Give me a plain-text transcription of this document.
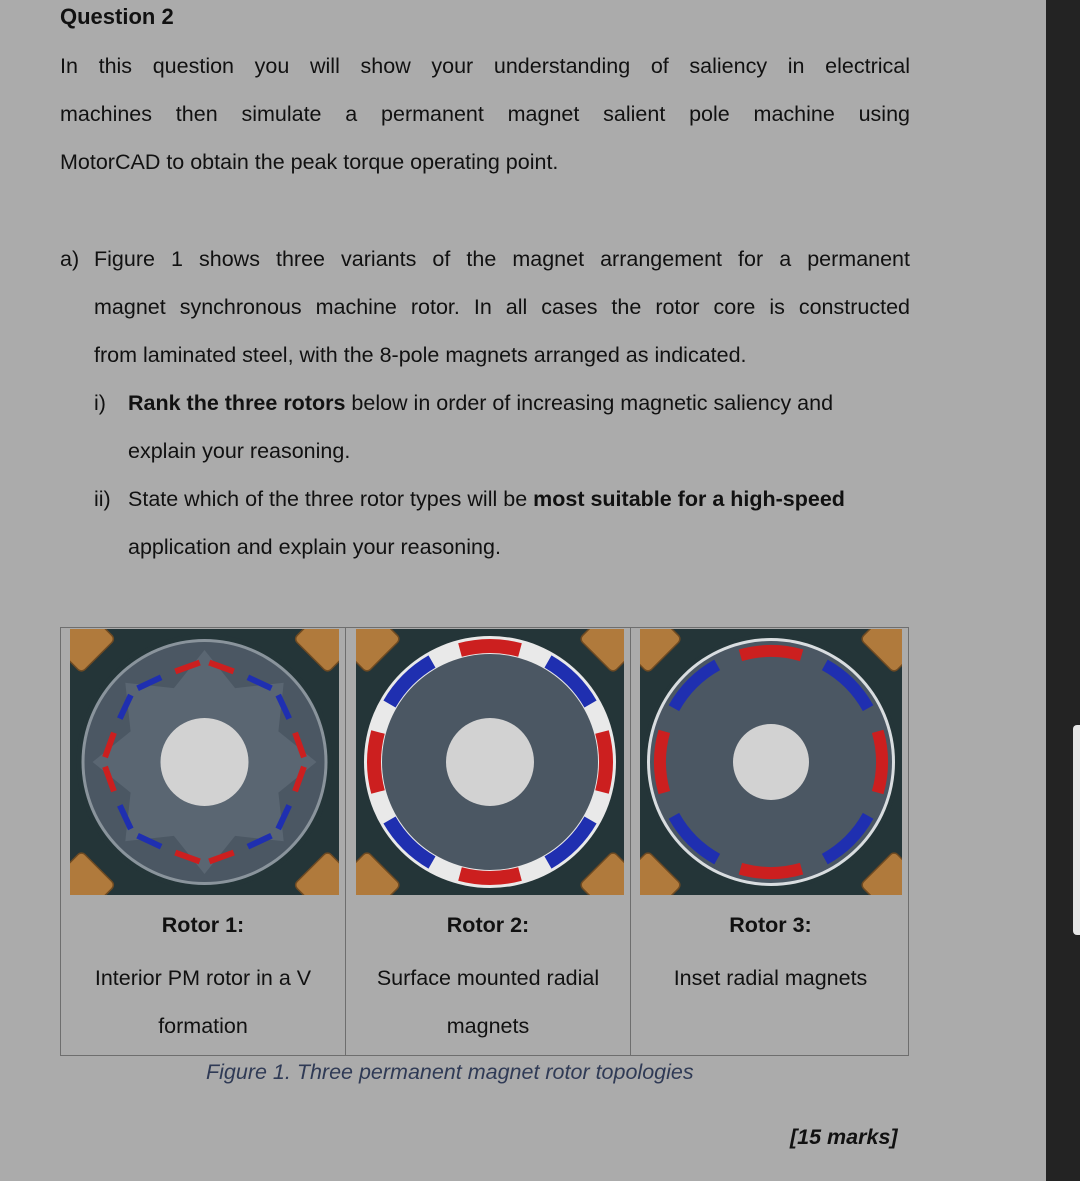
Question 2
In this question you will show your understanding of saliency in electrical
machines then simulate a permanent magnet salient pole machine using
MotorCAD to obtain the peak torque operating point.
a) Figure 1 shows three variants of the magnet arrangement for a permanent
magnet synchronous machine rotor. In all cases the rotor core is constructed
from laminated steel, with the 8-pole magnets arranged as indicated.
i) Rank the three rotors below in order of increasing magnetic saliency and
explain your reasoning.
ii) State which of the three rotor types will be most suitable for a high-speed
application and explain your reasoning.
Rotor 1:
Interior PM rotor in a V
formation
Rotor 2:
Surface mounted radial
magnets
Rotor 3:
Inset radial magnets
Figure 1. Three permanent magnet rotor topologies
[15 marks]
